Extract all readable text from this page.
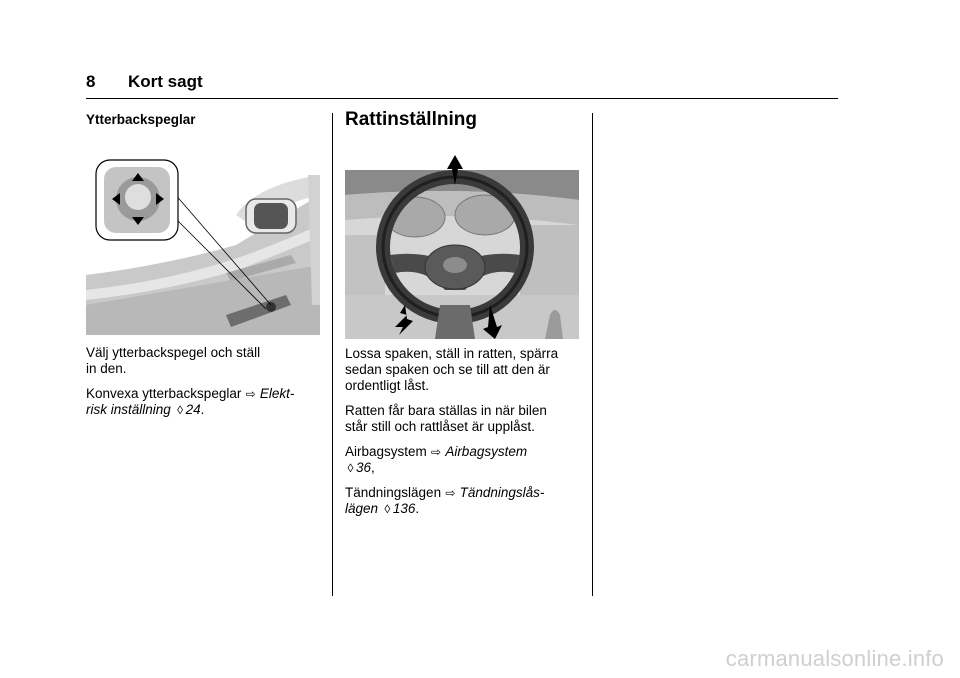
8 Kort sagt
Ytterbackspeglar

Välj ytterbackspegel och ställ
in den.

Konvexa ytterbackspeglar ⇨ Elekt-
risk inställning ◊ 24.

Rattinställning

Lossa spaken, ställ in ratten, spärra
sedan spaken och se till att den är
ordentligt låst.

Ratten får bara ställas in när bilen
står still och rattlåset är upplåst.

Airbagsystem ⇨ Airbagsystem
◊ 36,

Tändningslägen ⇨ Tändningslås-
lägen ◊ 136.

carmanualsonline.info
